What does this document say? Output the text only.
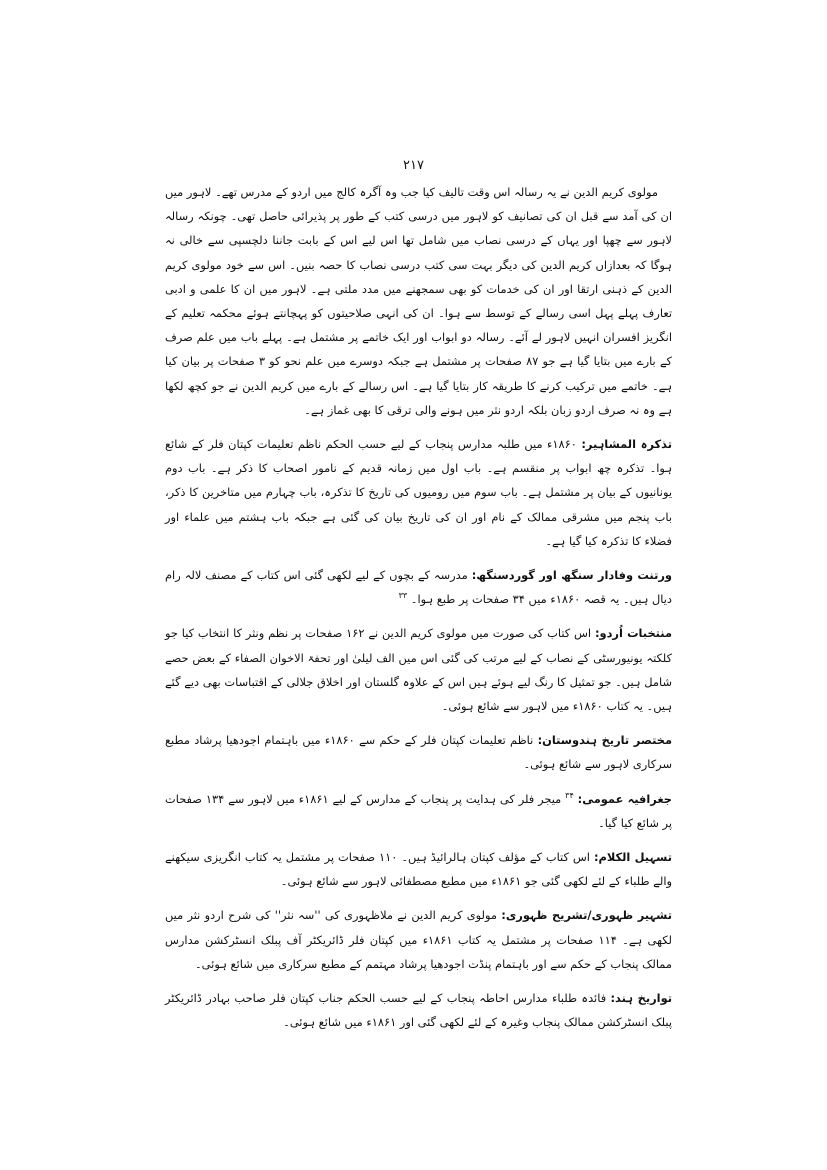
۲۱۷

مولوی کریم الدین نے یہ رسالہ اس وقت تالیف کیا جب وہ آگرہ کالج میں اردو کے مدرس تھے۔ لاہور میں ان کی آمد سے قبل ان کی تصانیف کو لاہور میں درسی کتب کے طور پر پذیرائی حاصل تھی۔ چونکہ رسالہ لاہور سے چھپا اور یہاں کے درسی نصاب میں شامل تھا اس لیے اس کے بابت جاننا دلچسپی سے خالی نہ ہوگا کہ بعدازاں کریم الدین کی دیگر بہت سی کتب درسی نصاب کا حصہ بنیں۔ اس سے خود مولوی کریم الدین کے ذہنی ارتقا اور ان کی خدمات کو بھی سمجھنے میں مدد ملتی ہے۔ لاہور میں ان کا علمی و ادبی تعارف پہلے پہل اسی رسالے کے توسط سے ہوا۔ ان کی انہی صلاحیتوں کو پہچانتے ہوئے محکمہ تعلیم کے انگریز افسران انہیں لاہور لے آئے۔ رسالہ دو ابواب اور ایک خاتمے پر مشتمل ہے۔ پہلے باب میں علم صرف کے بارے میں بتایا گیا ہے جو ۸۷ صفحات پر مشتمل ہے جبکہ دوسرے میں علم نحو کو ۳ صفحات پر بیان کیا ہے۔ خاتمے میں ترکیب کرنے کا طریقہ کار بتایا گیا ہے۔ اس رسالے کے بارے میں کریم الدین نے جو کچھ لکھا ہے وہ نہ صرف اردو زبان بلکہ اردو نثر میں ہونے والی ترقی کا بھی غماز ہے۔

تذکرہ المشاہیر: ۱۸۶۰ء میں طلبہ مدارس پنجاب کے لیے حسب الحکم ناظم تعلیمات کپتان فلر کے شائع ہوا۔ تذکرہ چھ ابواب پر منقسم ہے۔ باب اول میں زمانہ قدیم کے نامور اصحاب کا ذکر ہے۔ باب دوم یونانیوں کے بیان پر مشتمل ہے۔ باب سوم میں رومیوں کی تاریخ کا تذکرہ، باب چہارم میں متاخرین کا ذکر، باب پنجم میں مشرقی ممالک کے نام اور ان کی تاریخ بیان کی گئی ہے جبکہ باب ہشتم میں علماء اور فضلاء کا تذکرہ کیا گیا ہے۔

ورتنت وفادار سنگھ اور گوردسنگھ: مدرسہ کے بچوں کے لیے لکھی گئی اس کتاب کے مصنف لالہ رام دیال ہیں۔ یہ قصہ ۱۸۶۰ء میں ۳۴ صفحات پر طبع ہوا۔ $^{۳۳}$

منتخبات اُردو: اس کتاب کی صورت میں مولوی کریم الدین نے ۱۶۲ صفحات پر نظم ونثر کا انتخاب کیا جو کلکتہ یونیورسٹی کے نصاب کے لیے مرتب کی گئی اس میں الف لیلیٰ اور تحفۃ الاخوان الصفاء کے بعض حصے شامل ہیں۔ جو تمثیل کا رنگ لیے ہوئے ہیں اس کے علاوہ گلستان اور اخلاق جلالی کے اقتباسات بھی دیے گئے ہیں۔ یہ کتاب ۱۸۶۰ء میں لاہور سے شائع ہوئی۔

مختصر تاریخ ہندوستان: ناظم تعلیمات کپتان فلر کے حکم سے ۱۸۶۰ء میں باہتمام اجودھیا پرشاد مطبع سرکاری لاہور سے شائع ہوئی۔

جغرافیہ عمومی: $^{۳۴}$ میجر فلر کی ہدایت پر پنجاب کے مدارس کے لیے ۱۸۶۱ء میں لاہور سے ۱۳۴ صفحات پر شائع کیا گیا۔

تسہیل الکلام: اس کتاب کے مؤلف کپتان ہالرائیڈ ہیں۔ ۱۱۰ صفحات پر مشتمل یہ کتاب انگریزی سیکھنے والے طلباء کے لئے لکھی گئی جو ۱۸۶۱ء میں مطبع مصطفائی لاہور سے شائع ہوئی۔

تشہیر ظہوری/تشریح ظہوری: مولوی کریم الدین نے ملاظہوری کی ''سہ نثر'' کی شرح اردو نثر میں لکھی ہے۔ ۱۱۴ صفحات پر مشتمل یہ کتاب ۱۸۶۱ء میں کپتان فلر ڈائریکٹر آف پبلک انسٹرکشن مدارس ممالک پنجاب کے حکم سے اور باہتمام پنڈت اجودھیا پرشاد مہتمم کے مطبع سرکاری میں شائع ہوئی۔

تواریخ ہند: فائدہ طلباء مدارس احاطہ پنجاب کے لیے حسب الحکم جناب کپتان فلر صاحب بہادر ڈائریکٹر پبلک انسٹرکشن ممالک پنجاب وغیرہ کے لئے لکھی گئی اور ۱۸۶۱ء میں شائع ہوئی۔
